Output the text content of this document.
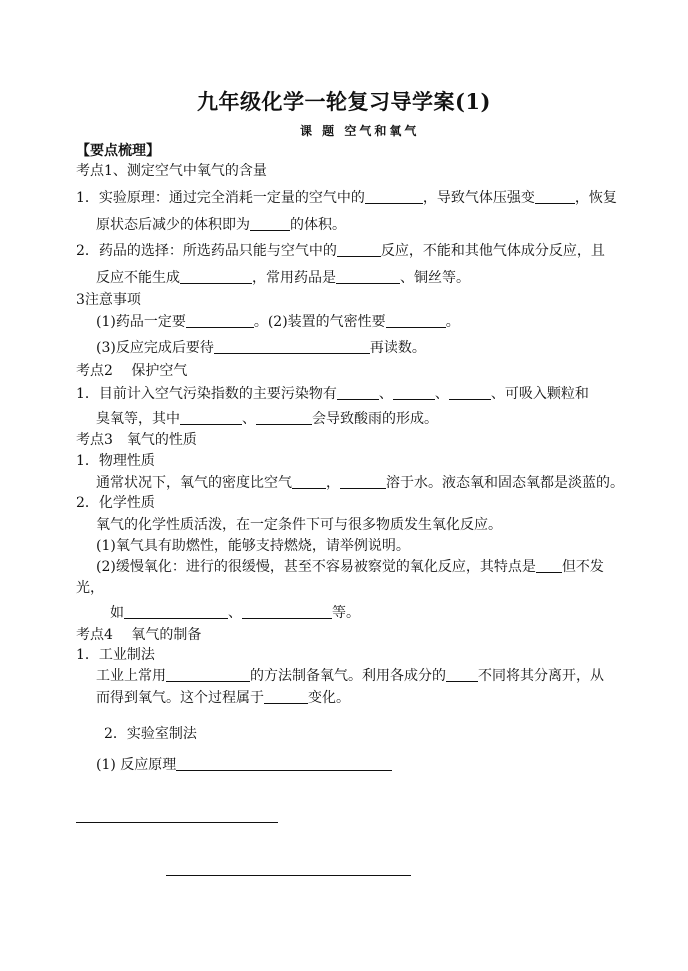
九年级化学一轮复习导学案(1)
课 题 空气和氧气
【要点梳理】
考点1、测定空气中氧气的含量
1．实验原理：通过完全消耗一定量的空气中的	，导致气体压强变	，恢复
原状态后减少的体积即为	的体积。
2．药品的选择：所选药品只能与空气中的	反应，不能和其他气体成分反应，且
反应不能生成	，常用药品是	、铜丝等。
3注意事项
(1)药品一定要	。(2)装置的气密性要	。
(3)反应完成后要待	再读数。
考点2　 保护空气
1．目前计入空气污染指数的主要污染物有	、	、	、可吸入颗粒和
臭氧等，其中	、	会导致酸雨的形成。
考点3　氧气的性质
1．物理性质
通常状况下，氧气的密度比空气 ，	溶于水。液态氧和固态氧都是淡蓝的。
2．化学性质
氧气的化学性质活泼，在一定条件下可与很多物质发生氧化反应。
(1)氧气具有助燃性，能够支持燃烧，请举例说明。
(2)缓慢氧化：进行的很缓慢，甚至不容易被察觉的氧化反应，其特点是 但不发
光，
如	、	等。
考点4　 氧气的制备
1．工业制法
工业上常用	的方法制备氧气。利用各成分的 不同将其分离开，从
而得到氧气。这个过程属于	变化。
2．实验室制法
(1) 反应原理
